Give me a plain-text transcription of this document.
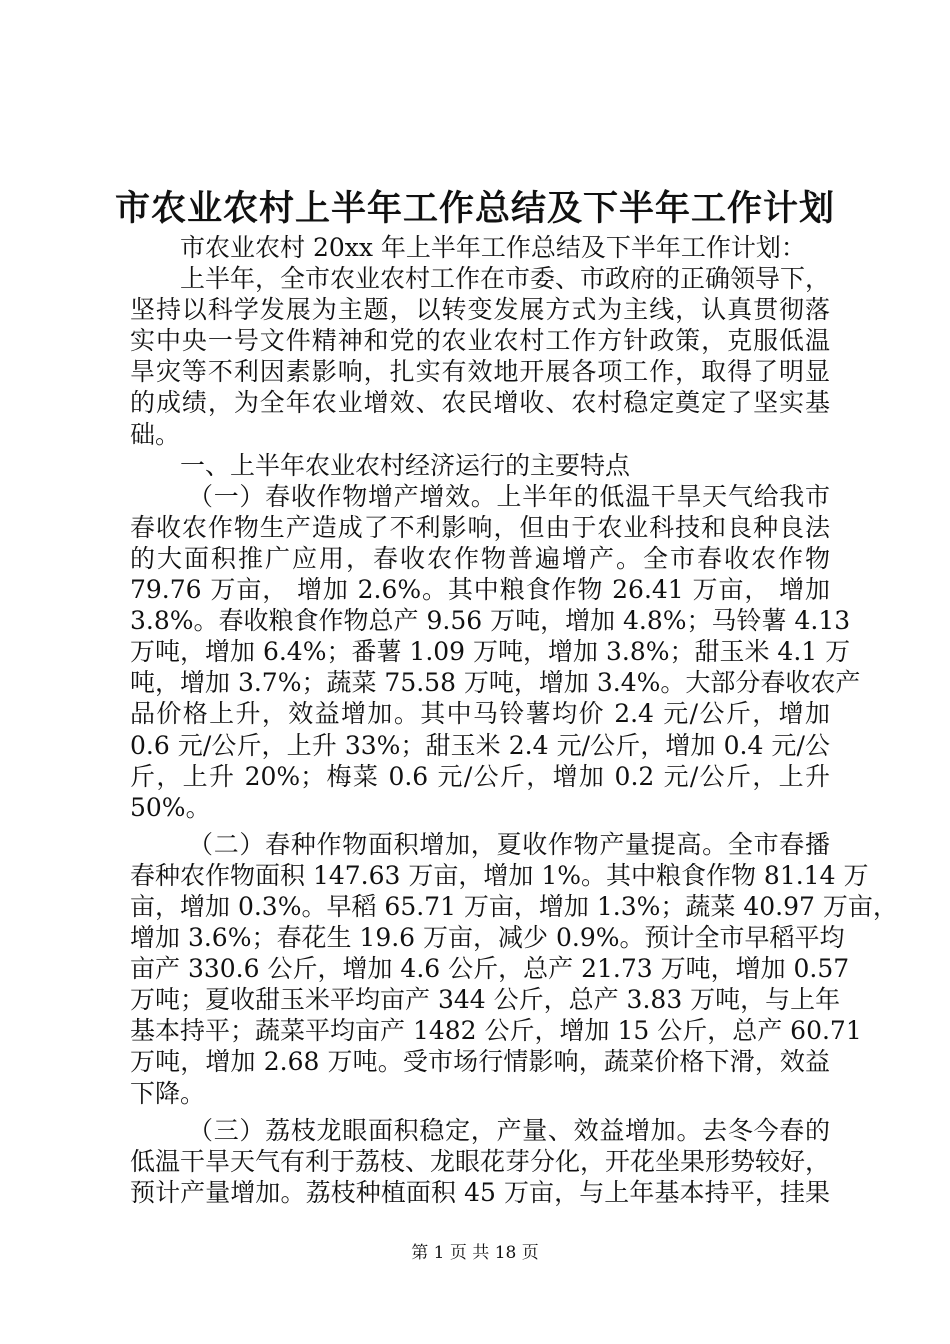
市农业农村上半年工作总结及下半年工作计划
市农业农村 20xx 年上半年工作总结及下半年工作计划：
上半年，全市农业农村工作在市委、市政府的正确领导下，
坚持以科学发展为主题，以转变发展方式为主线，认真贯彻落
实中央一号文件精神和党的农业农村工作方针政策，克服低温
旱灾等不利因素影响，扎实有效地开展各项工作，取得了明显
的成绩，为全年农业增效、农民增收、农村稳定奠定了坚实基
础。
一、上半年农业农村经济运行的主要特点
（一）春收作物增产增效。上半年的低温干旱天气给我市
春收农作物生产造成了不利影响，但由于农业科技和良种良法
的大面积推广应用，春收农作物普遍增产。全市春收农作物
79.76 万亩， 增加 2.6%。其中粮食作物 26.41 万亩， 增加
3.8%。春收粮食作物总产 9.56 万吨，增加 4.8%；马铃薯 4.13
万吨，增加 6.4%；番薯 1.09 万吨，增加 3.8%；甜玉米 4.1 万
吨，增加 3.7%；蔬菜 75.58 万吨，增加 3.4%。大部分春收农产
品价格上升，效益增加。其中马铃薯均价 2.4 元/公斤，增加
0.6 元/公斤，上升 33%；甜玉米 2.4 元/公斤，增加 0.4 元/公
斤，上升 20%；梅菜 0.6 元/公斤，增加 0.2 元/公斤，上升
50%。
（二）春种作物面积增加，夏收作物产量提高。全市春播
春种农作物面积 147.63 万亩，增加 1%。其中粮食作物 81.14 万
亩，增加 0.3%。早稻 65.71 万亩，增加 1.3%；蔬菜 40.97 万亩，
增加 3.6%；春花生 19.6 万亩，减少 0.9%。预计全市早稻平均
亩产 330.6 公斤，增加 4.6 公斤，总产 21.73 万吨，增加 0.57
万吨；夏收甜玉米平均亩产 344 公斤，总产 3.83 万吨，与上年
基本持平；蔬菜平均亩产 1482 公斤，增加 15 公斤，总产 60.71
万吨，增加 2.68 万吨。受市场行情影响，蔬菜价格下滑，效益
下降。
（三）荔枝龙眼面积稳定，产量、效益增加。去冬今春的
低温干旱天气有利于荔枝、龙眼花芽分化，开花坐果形势较好，
预计产量增加。荔枝种植面积 45 万亩，与上年基本持平，挂果
第 1 页 共 18 页
